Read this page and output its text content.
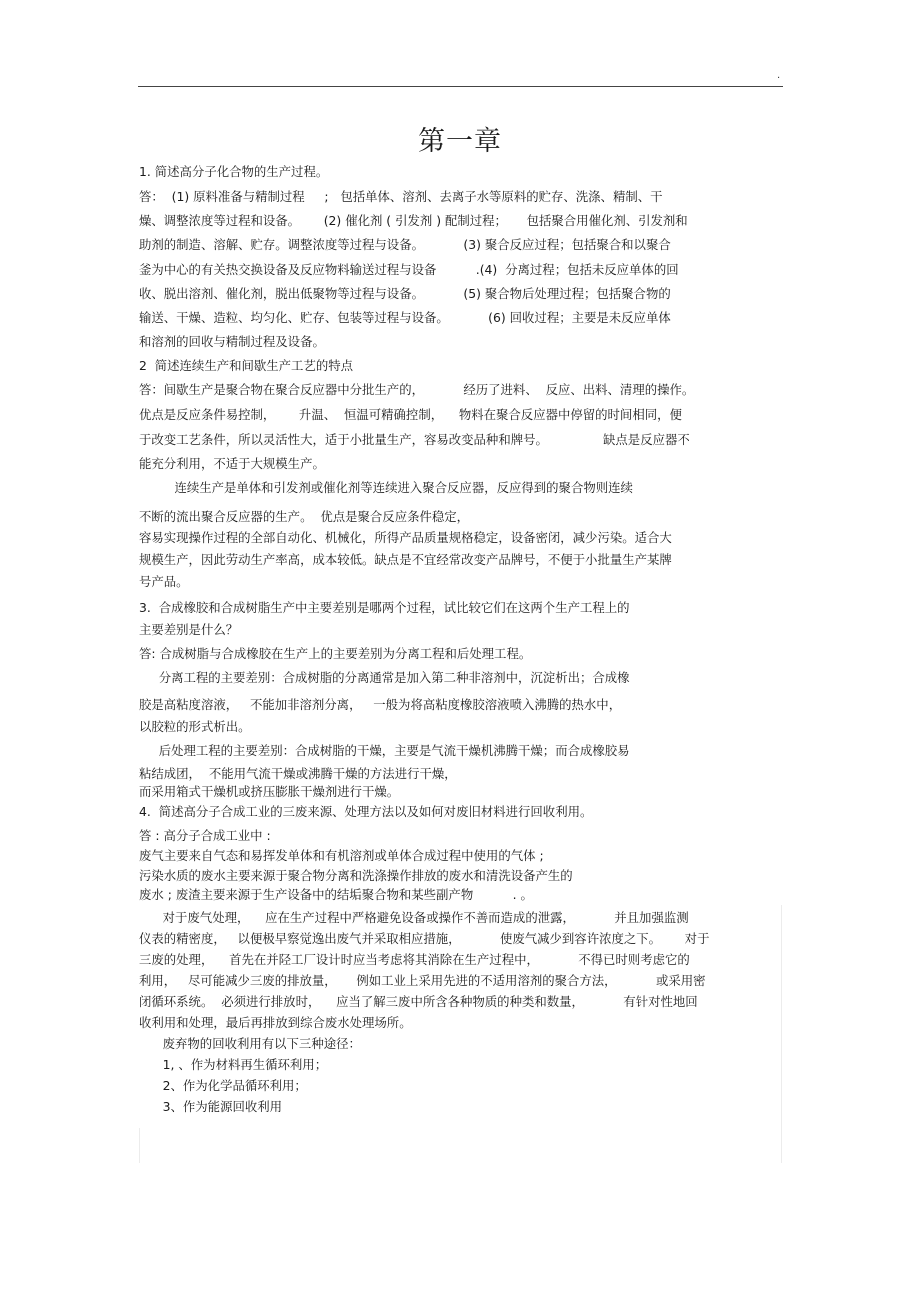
.
第一章
1. 简述高分子化合物的生产过程。
答：  (1) 原料准备与精制过程     ;   包括单体、溶剂、去离子水等原料的贮存、洗涤、精制、干
燥、调整浓度等过程和设备。      (2) 催化剂 ( 引发剂 ) 配制过程；     包括聚合用催化剂、引发剂和
助剂的制造、溶解、贮存。调整浓度等过程与设备。          (3) 聚合反应过程；包括聚合和以聚合
釜为中心的有关热交换设备及反应物料输送过程与设备          .(4)  分离过程；包括未反应单体的回
收、脱出溶剂、催化剂，脱出低聚物等过程与设备。          (5) 聚合物后处理过程；包括聚合物的
输送、干燥、造粒、均匀化、贮存、包装等过程与设备。          (6) 回收过程；主要是未反应单体
和溶剂的回收与精制过程及设备。
2  简述连续生产和间歇生产工艺的特点
答：间歇生产是聚合物在聚合反应器中分批生产的，          经历了进料、  反应、出料、清理的操作。
优点是反应条件易控制，      升温、  恒温可精确控制，    物料在聚合反应器中停留的时间相同，便
于改变工艺条件，所以灵活性大，适于小批量生产，容易改变品种和牌号。              缺点是反应器不
能充分利用，不适于大规模生产。
连续生产是单体和引发剂或催化剂等连续进入聚合反应器，反应得到的聚合物则连续
不断的流出聚合反应器的生产。  优点是聚合反应条件稳定，
容易实现操作过程的全部自动化、机械化，所得产品质量规格稳定，设备密闭，减少污染。适合大
规模生产，因此劳动生产率高，成本较低。缺点是不宜经常改变产品牌号，不便于小批量生产某牌
号产品。
3.  合成橡胶和合成树脂生产中主要差别是哪两个过程，试比较它们在这两个生产工程上的
主要差别是什么？
答: 合成树脂与合成橡胶在生产上的主要差别为分离工程和后处理工程。
分离工程的主要差别：合成树脂的分离通常是加入第二种非溶剂中，沉淀析出；合成橡
胶是高粘度溶液，   不能加非溶剂分离，   一般为将高粘度橡胶溶液喷入沸腾的热水中，
以胶粒的形式析出。
后处理工程的主要差别：合成树脂的干燥，主要是气流干燥机沸腾干燥；而合成橡胶易
粘结成团，  不能用气流干燥或沸腾干燥的方法进行干燥，
而采用箱式干燥机或挤压膨胀干燥剂进行干燥。
4.  简述高分子合成工业的三废来源、处理方法以及如何对废旧材料进行回收利用。
答 : 高分子合成工业中 :
废气主要来自气态和易挥发单体和有机溶剂或单体合成过程中使用的气体 ;
污染水质的废水主要来源于聚合物分离和洗涤操作排放的废水和清洗设备产生的
废水 ; 废渣主要来源于生产设备中的结垢聚合物和某些副产物          . 。
对于废气处理，    应在生产过程中严格避免设备或操作不善而造成的泄露，          并且加强监测
仪表的精密度，   以便极早察觉逸出废气并采取相应措施，          使废气减少到容许浓度之下。      对于
三废的处理，    首先在并陉工厂设计时应当考虑将其消除在生产过程中，          不得已时则考虑它的
利用，   尽可能减少三废的排放量，     例如工业上采用先进的不适用溶剂的聚合方法，          或采用密
闭循环系统。  必须进行排放时，    应当了解三废中所含各种物质的种类和数量，          有针对性地回
收利用和处理，最后再排放到综合废水处理场所。
废弃物的回收利用有以下三种途径：
1, 、作为材料再生循环利用；
2、作为化学品循环利用；
3、作为能源回收利用
